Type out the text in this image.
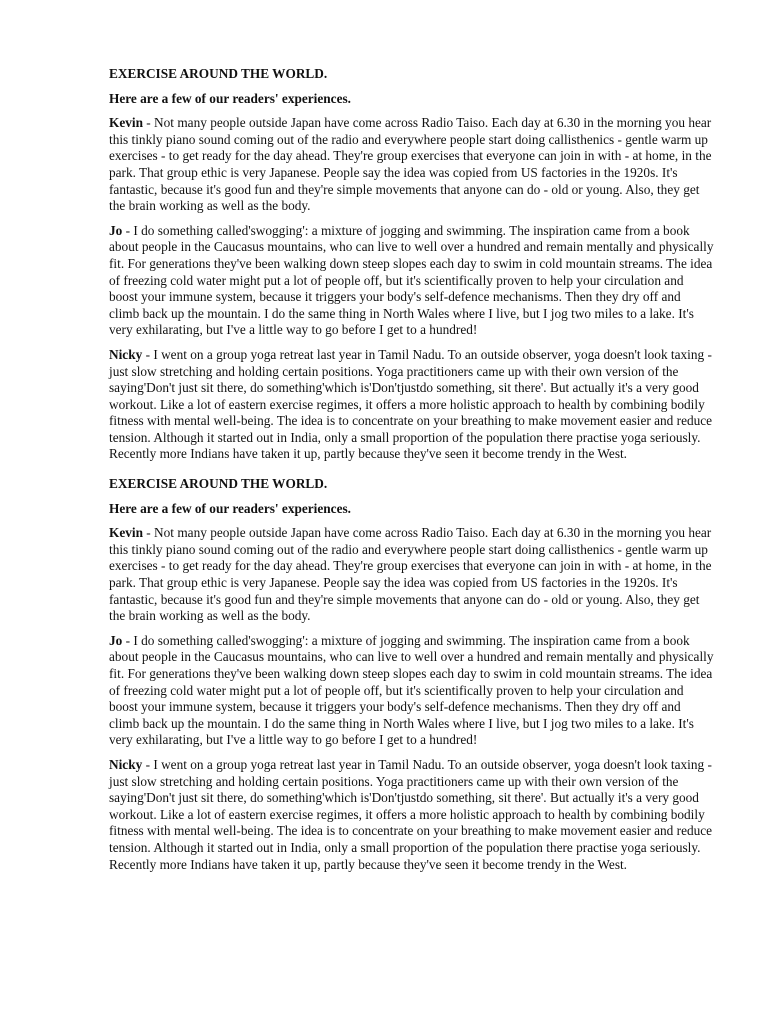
EXERCISE AROUND THE WORLD.
Here are a few of our readers' experiences.

Kevin - Not many people outside Japan have come across Radio Taiso. Each day at 6.30 in the morning you hear this tinkly piano sound coming out of the radio and everywhere people start doing callisthenics - gentle warm up exercises - to get ready for the day ahead. They're group exercises that everyone can join in with - at home, in the park. That group ethic is very Japanese. People say the idea was copied from US factories in the 1920s. It's fantastic, because it's good fun and they're simple movements that anyone can do - old or young. Also, they get the brain working as well as the body.

Jo - I do something called'swogging': a mixture of jogging and swimming. The inspiration came from a book about people in the Caucasus mountains, who can live to well over a hundred and remain mentally and physically fit. For generations they've been walking down steep slopes each day to swim in cold mountain streams. The idea of freezing cold water might put a lot of people off, but it's scientifically proven to help your circulation and boost your immune system, because it triggers your body's self-defence mechanisms. Then they dry off and climb back up the mountain. I do the same thing in North Wales where I live, but I jog two miles to a lake. It's very exhilarating, but I've a little way to go before I get to a hundred!

Nicky - I went on a group yoga retreat last year in Tamil Nadu. To an outside observer, yoga doesn't look taxing - just slow stretching and holding certain positions. Yoga practitioners came up with their own version of the saying'Don't just sit there, do something'which is'Don'tjustdo something, sit there'. But actually it's a very good workout. Like a lot of eastern exercise regimes, it offers a more holistic approach to health by combining bodily fitness with mental well-being. The idea is to concentrate on your breathing to make movement easier and reduce tension. Although it started out in India, only a small proportion of the population there practise yoga seriously. Recently more Indians have taken it up, partly because they've seen it become trendy in the West.

EXERCISE AROUND THE WORLD.
Here are a few of our readers' experiences.

Kevin - Not many people outside Japan have come across Radio Taiso. Each day at 6.30 in the morning you hear this tinkly piano sound coming out of the radio and everywhere people start doing callisthenics - gentle warm up exercises - to get ready for the day ahead. They're group exercises that everyone can join in with - at home, in the park. That group ethic is very Japanese. People say the idea was copied from US factories in the 1920s. It's fantastic, because it's good fun and they're simple movements that anyone can do - old or young. Also, they get the brain working as well as the body.

Jo - I do something called'swogging': a mixture of jogging and swimming. The inspiration came from a book about people in the Caucasus mountains, who can live to well over a hundred and remain mentally and physically fit. For generations they've been walking down steep slopes each day to swim in cold mountain streams. The idea of freezing cold water might put a lot of people off, but it's scientifically proven to help your circulation and boost your immune system, because it triggers your body's self-defence mechanisms. Then they dry off and climb back up the mountain. I do the same thing in North Wales where I live, but I jog two miles to a lake. It's very exhilarating, but I've a little way to go before I get to a hundred!

Nicky - I went on a group yoga retreat last year in Tamil Nadu. To an outside observer, yoga doesn't look taxing - just slow stretching and holding certain positions. Yoga practitioners came up with their own version of the saying'Don't just sit there, do something'which is'Don'tjustdo something, sit there'. But actually it's a very good workout. Like a lot of eastern exercise regimes, it offers a more holistic approach to health by combining bodily fitness with mental well-being. The idea is to concentrate on your breathing to make movement easier and reduce tension. Although it started out in India, only a small proportion of the population there practise yoga seriously. Recently more Indians have taken it up, partly because they've seen it become trendy in the West.
